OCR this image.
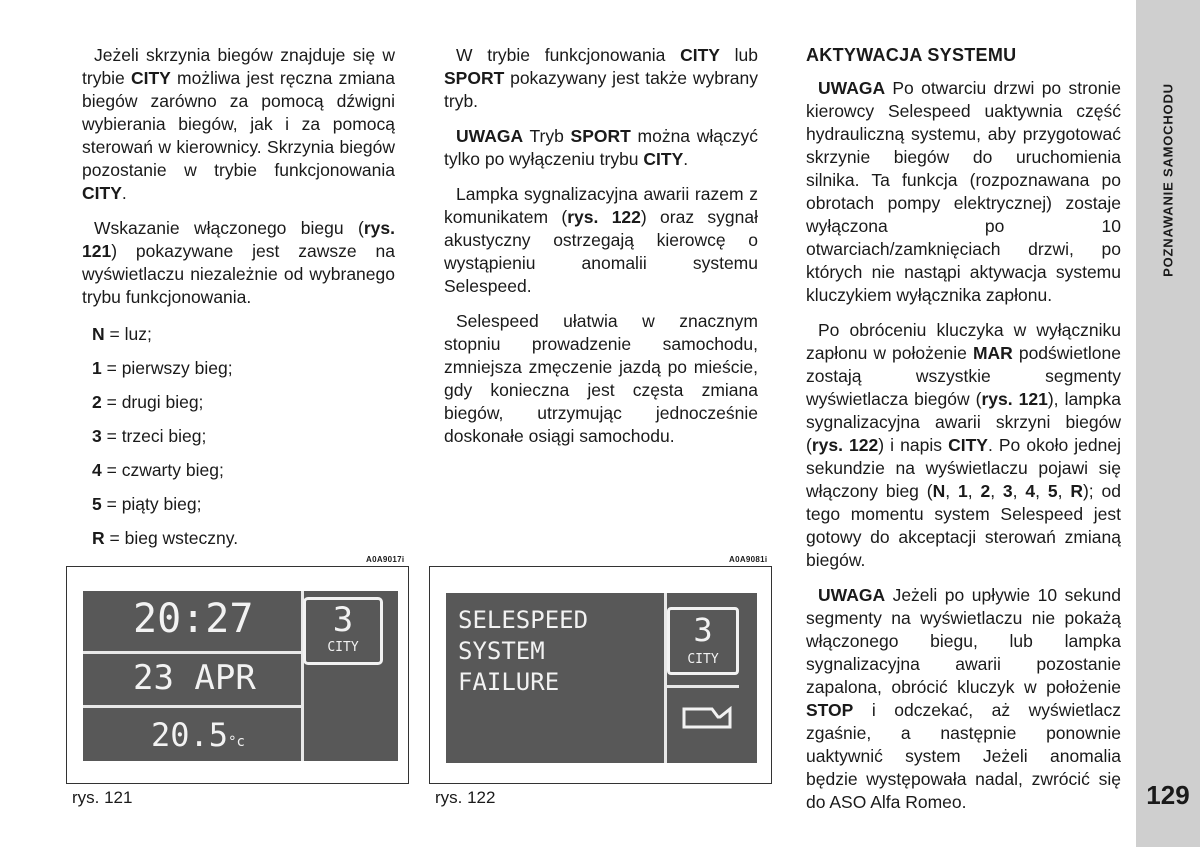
Jeżeli skrzynia biegów znajduje się w trybie CITY możliwa jest ręczna zmiana biegów zarówno za pomocą dźwigni wybierania biegów, jak i za pomocą sterowań w kierownicy. Skrzynia biegów pozostanie w trybie funkcjonowania CITY.

Wskazanie włączonego biegu (rys. 121) pokazywane jest zawsze na wyświetlaczu niezależnie od wybranego trybu funkcjonowania.

N = luz;
1 = pierwszy bieg;
2 = drugi bieg;
3 = trzeci bieg;
4 = czwarty bieg;
5 = piąty bieg;
R = bieg wsteczny.

W trybie funkcjonowania CITY lub SPORT pokazywany jest także wybrany tryb.

UWAGA Tryb SPORT można włączyć tylko po wyłączeniu trybu CITY.

Lampka sygnalizacyjna awarii razem z komunikatem (rys. 122) oraz sygnał akustyczny ostrzegają kierowcę o wystąpieniu anomalii systemu Selespeed.

Selespeed ułatwia w znacznym stopniu prowadzenie samochodu, zmniejsza zmęczenie jazdą po mieście, gdy konieczna jest częsta zmiana biegów, utrzymując jednocześnie doskonałe osiągi samochodu.

AKTYWACJA SYSTEMU

UWAGA Po otwarciu drzwi po stronie kierowcy Selespeed uaktywnia część hydrauliczną systemu, aby przygotować skrzynie biegów do uruchomienia silnika. Ta funkcja (rozpoznawana po obrotach pompy elektrycznej) zostaje wyłączona po 10 otwarciach/zamknięciach drzwi, po których nie nastąpi aktywacja systemu kluczykiem wyłącznika zapłonu.

Po obróceniu kluczyka w wyłączniku zapłonu w położenie MAR podświetlone zostają wszystkie segmenty wyświetlacza biegów (rys. 121), lampka sygnalizacyjna awarii skrzyni biegów (rys. 122) i napis CITY. Po około jednej sekundzie na wyświetlaczu pojawi się włączony bieg (N, 1, 2, 3, 4, 5, R); od tego momentu system Selespeed jest gotowy do akceptacji sterowań zmianą biegów.

UWAGA Jeżeli po upływie 10 sekund segmenty na wyświetlaczu nie pokażą włączonego biegu, lub lampka sygnalizacyjna awarii pozostanie zapalona, obrócić kluczyk w położenie STOP i odczekać, aż wyświetlacz zgaśnie, a następnie ponownie uaktywnić system Jeżeli anomalia będzie występowała nadal, zwrócić się do ASO Alfa Romeo.

A0A9017i
20:27
23 APR
20.5°c
3
CITY
rys. 121
A0A9081i
SELESPEED
SYSTEM
FAILURE
3
CITY
rys. 122
POZNAWANIE SAMOCHODU
129
